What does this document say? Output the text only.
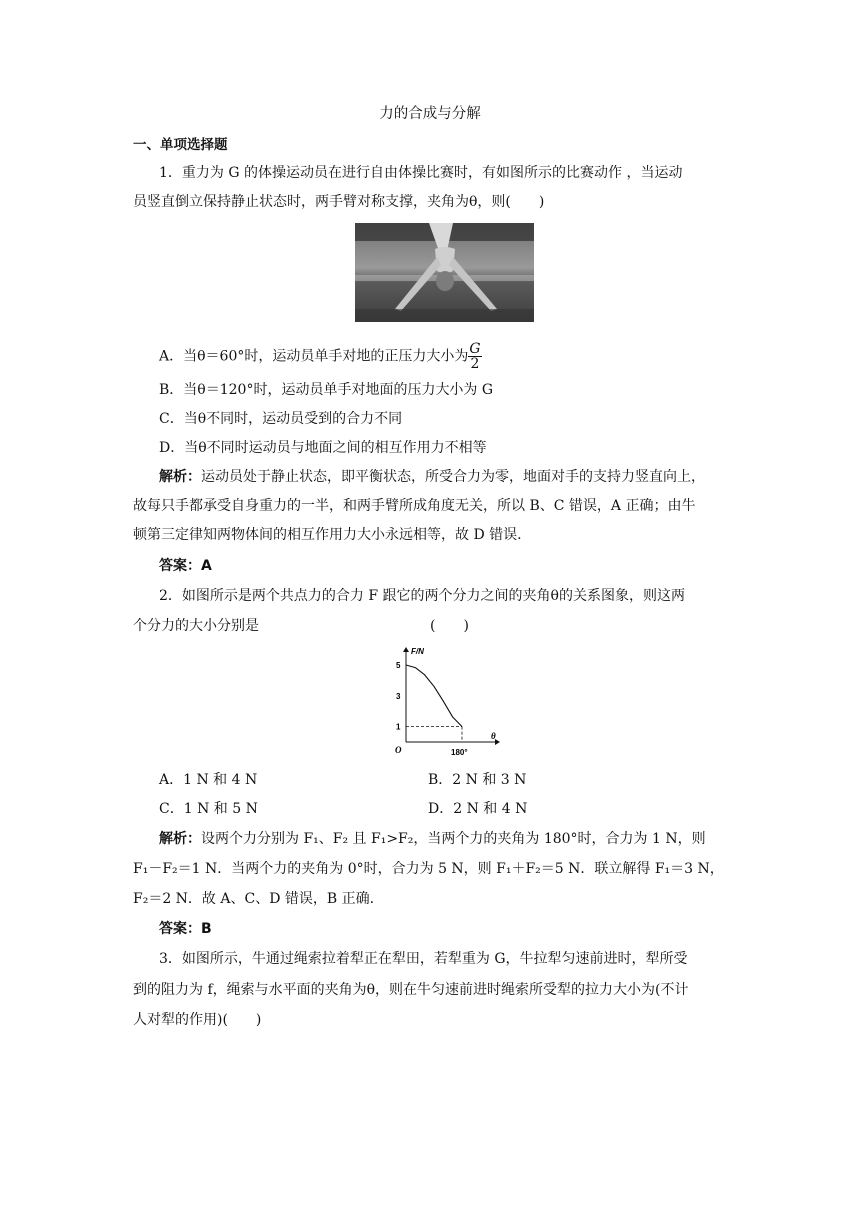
力的合成与分解
一、单项选择题
1．重力为 G 的体操运动员在进行自由体操比赛时，有如图所示的比赛动作 ，当运动
员竖直倒立保持静止状态时，两手臂对称支撑，夹角为θ，则(　　)
A．当θ＝60°时，运动员单手对地的正压力大小为 $\frac{G}{2}$
B．当θ＝120°时，运动员单手对地面的压力大小为 G
C．当θ不同时，运动员受到的合力不同
D．当θ不同时运动员与地面之间的相互作用力不相等
解析：运动员处于静止状态，即平衡状态，所受合力为零，地面对手的支持力竖直向上，
故每只手都承受自身重力的一半，和两手臂所成角度无关，所以 B、C 错误，A 正确；由牛
顿第三定律知两物体间的相互作用力大小永远相等，故 D 错误.
答案：A
2．如图所示是两个共点力的合力 F 跟它的两个分力之间的夹角θ的关系图象，则这两
个分力的大小分别是	(　　)
F/N
θ
O
5
3
1
180°
A．1 N 和 4 N	B．2 N 和 3 N
C．1 N 和 5 N	D．2 N 和 4 N
解析：设两个力分别为 F₁、F₂ 且 F₁>F₂，当两个力的夹角为 180°时，合力为 1 N，则
F₁－F₂＝1 N．当两个力的夹角为 0°时，合力为 5 N，则 F₁＋F₂＝5 N．联立解得 F₁＝3 N，
F₂＝2 N．故 A、C、D 错误，B 正确.
答案：B
3．如图所示，牛通过绳索拉着犁正在犁田，若犁重为 G，牛拉犁匀速前进时，犁所受
到的阻力为 f，绳索与水平面的夹角为θ，则在牛匀速前进时绳索所受犁的拉力大小为(不计
人对犁的作用)(　　)
